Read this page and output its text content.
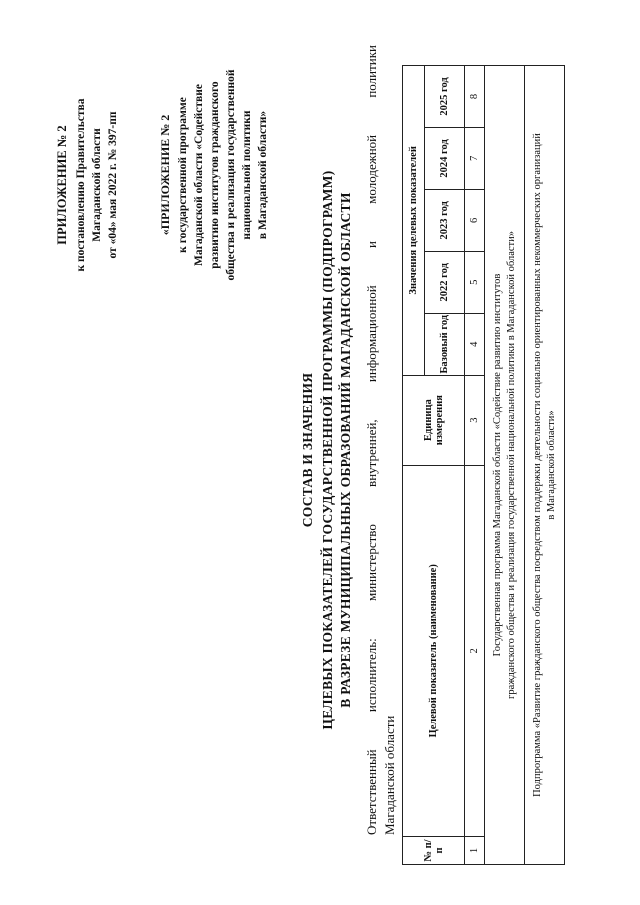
ПРИЛОЖЕНИЕ № 2 к постановлению Правительства Магаданской области от «04» мая 2022 г. № 397-пп	«ПРИЛОЖЕНИЕ № 2 к государственной программе Магаданской области «Содействие развитию институтов гражданского общества и реализация государственной национальной политики в Магаданской области»
СОСТАВ И ЗНАЧЕНИЯ ЦЕЛЕВЫХ ПОКАЗАТЕЛЕЙ ГОСУДАРСТВЕННОЙ ПРОГРАММЫ (ПОДПРОГРАММ) В РАЗРЕЗЕ МУНИЦИПАЛЬНЫХ ОБРАЗОВАНИЙ МАГАДАНСКОЙ ОБЛАСТИ Ответственный исполнитель: министерство внутренней, информационной и молодежной политики Магаданской области
№ п/п	Целевой показатель (наименование)	Единица измерения	Значения целевых показателей				
			Базовый год	2022 год	2023 год	2024 год	2025 год
1	2	3	4	5	6	7	8

Государственная программа Магаданской области «Содействие развитию институтов гражданского общества и реализация государственной национальной политики в Магаданской области»							

Подпрограмма «Развитие гражданского общества посредством поддержки деятельности социально ориентированных некоммерческих организаций в Магаданской области»							
